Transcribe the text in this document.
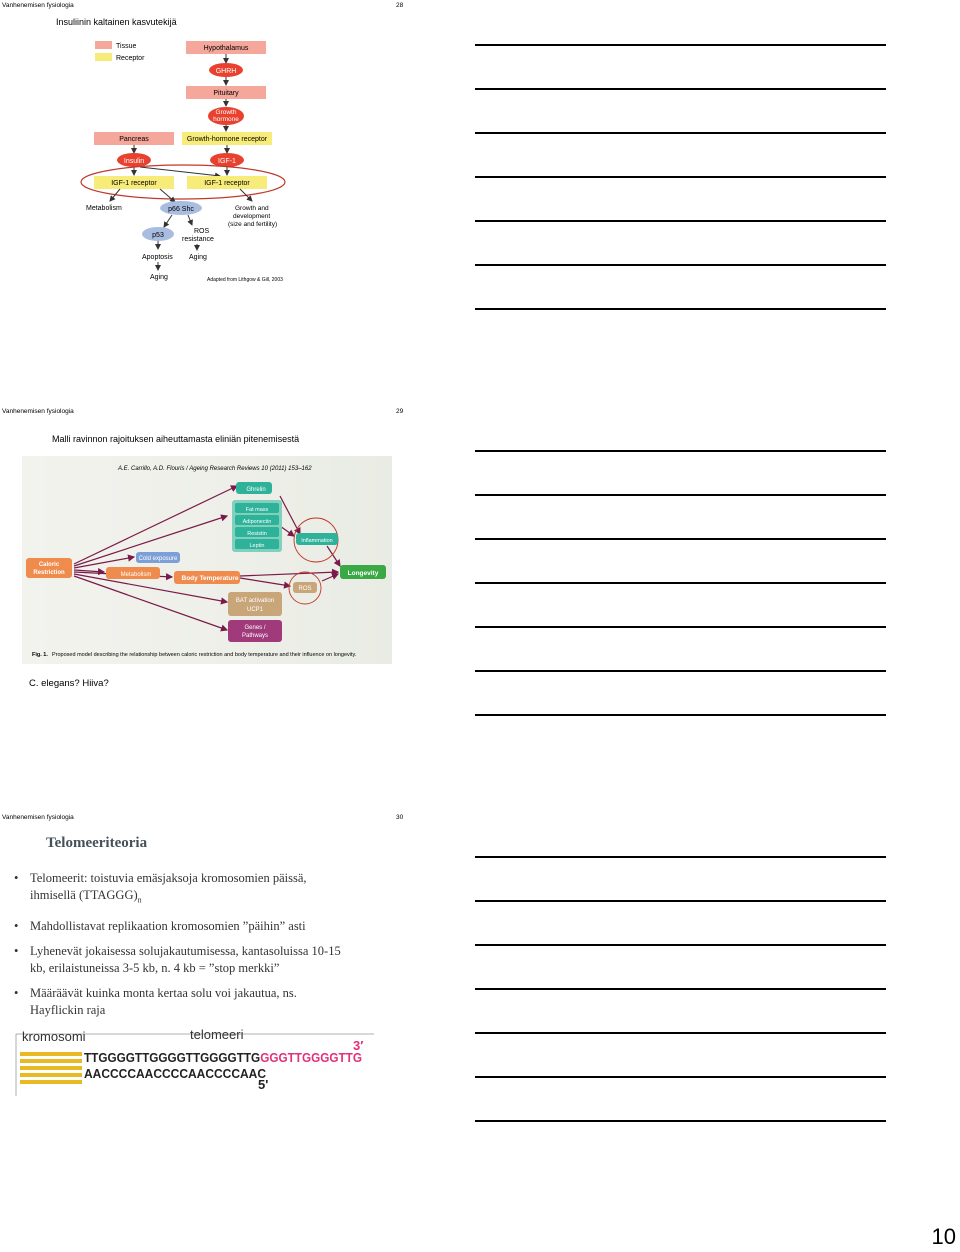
Vanhenemisen fysiologia	28
Insuliinin kaltainen kasvutekijä
Tissue
Receptor
Hypothalamus
GHRH
Pituitary
Growth
hormone
Pancreas	Growth-hormone receptor
Insulin	IGF-1
IGF-1 receptor	IGF-1 receptor
Metabolism	p66 Shc	Growth and
development
(size and fertility)
p53
ROS
resistance
Apoptosis Aging
Aging	Adapted from Lithgow & Gill, 2003
Vanhenemisen fysiologia	29
Malli ravinnon rajoituksen aiheuttamasta eliniän pitenemisestä
A.E. Carrillo, A.D. Flouris / Ageing Research Reviews 10 (2011) 153–162
Caloric
Restriction
Ghrelin
Fat mass
Adiponectin
Resistin
Leptin
Inflammation
Cold exposure
Metabolism	Body Temperature
ROS
Longevity
BAT activation
UCP1
Genes /
Pathways
Fig. 1. Proposed model describing the relationship between caloric restriction and body temperature and their influence on longevity.
C. elegans? Hiiva?
Vanhenemisen fysiologia	30
Telomeeriteoria
• Telomeerit: toistuvia emäsjaksoja kromosomien päissä,
ihmisellä $(TTAGGG)_n$
• Mahdollistavat replikaation kromosomien ”päihin” asti
• Lyhenevät jokaisessa solujakautumisessa, kantasoluissa 10-15
kb, erilaistuneissa 3-5 kb, n. 4 kb = ”stop merkki”
• Määräävät kuinka monta kertaa solu voi jakautua, ns.
Hayflickin raja
kromosomi	telomeeri
3′
TTGGGGTTGGGGTTGGGGTTGGGGTTGGGGTTG
AACCCCAACCCCAACCCCAAC
5'
10
